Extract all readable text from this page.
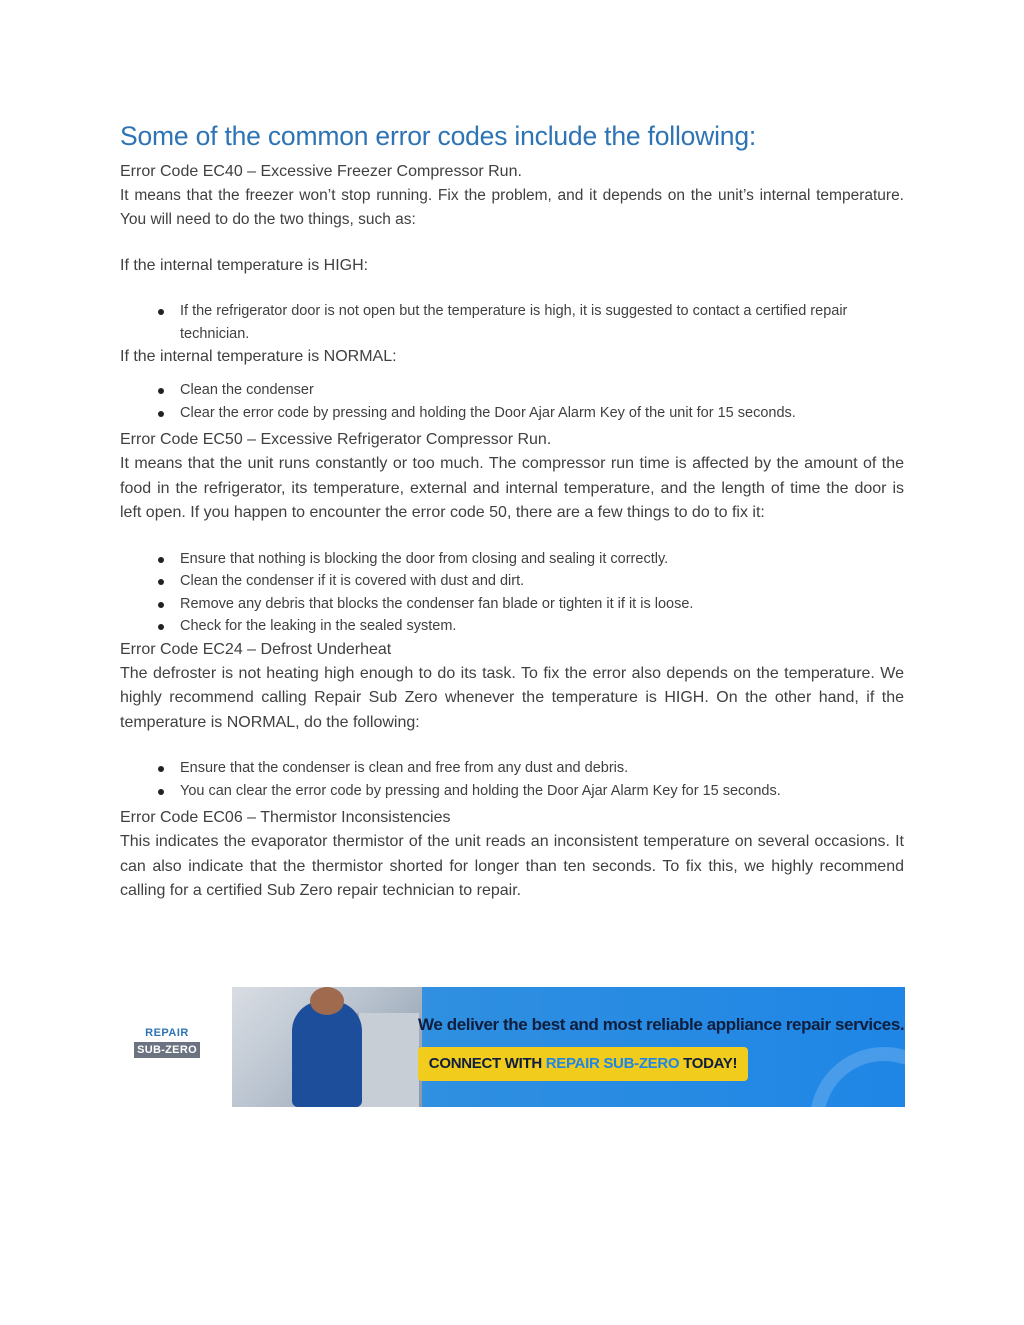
Some of the common error codes include the following:

Error Code EC40 – Excessive Freezer Compressor Run.

It means that the freezer won’t stop running. Fix the problem, and it depends on the unit’s internal temperature. You will need to do the two things, such as:

If the internal temperature is HIGH:

If the refrigerator door is not open but the temperature is high, it is suggested to contact a certified repair technician.

If the internal temperature is NORMAL:

Clean the condenser
Clear the error code by pressing and holding the Door Ajar Alarm Key of the unit for 15 seconds.

Error Code EC50 – Excessive Refrigerator Compressor Run.

It means that the unit runs constantly or too much. The compressor run time is affected by the amount of the food in the refrigerator, its temperature, external and internal temperature, and the length of time the door is left open. If you happen to encounter the error code 50, there are a few things to do to fix it:

Ensure that nothing is blocking the door from closing and sealing it correctly.
Clean the condenser if it is covered with dust and dirt.
Remove any debris that blocks the condenser fan blade or tighten it if it is loose.
Check for the leaking in the sealed system.

Error Code EC24 – Defrost Underheat

The defroster is not heating high enough to do its task. To fix the error also depends on the temperature. We highly recommend calling Repair Sub Zero whenever the temperature is HIGH. On the other hand, if the temperature is NORMAL, do the following:

Ensure that the condenser is clean and free from any dust and debris.
You can clear the error code by pressing and holding the Door Ajar Alarm Key for 15 seconds.

Error Code EC06 – Thermistor Inconsistencies

This indicates the evaporator thermistor of the unit reads an inconsistent temperature on several occasions. It can also indicate that the thermistor shorted for longer than ten seconds. To fix this, we highly recommend calling for a certified Sub Zero repair technician to repair.

REPAIR
SUB-ZERO
We deliver the best and most reliable appliance repair services.
CONNECT WITH REPAIR SUB-ZERO TODAY!
